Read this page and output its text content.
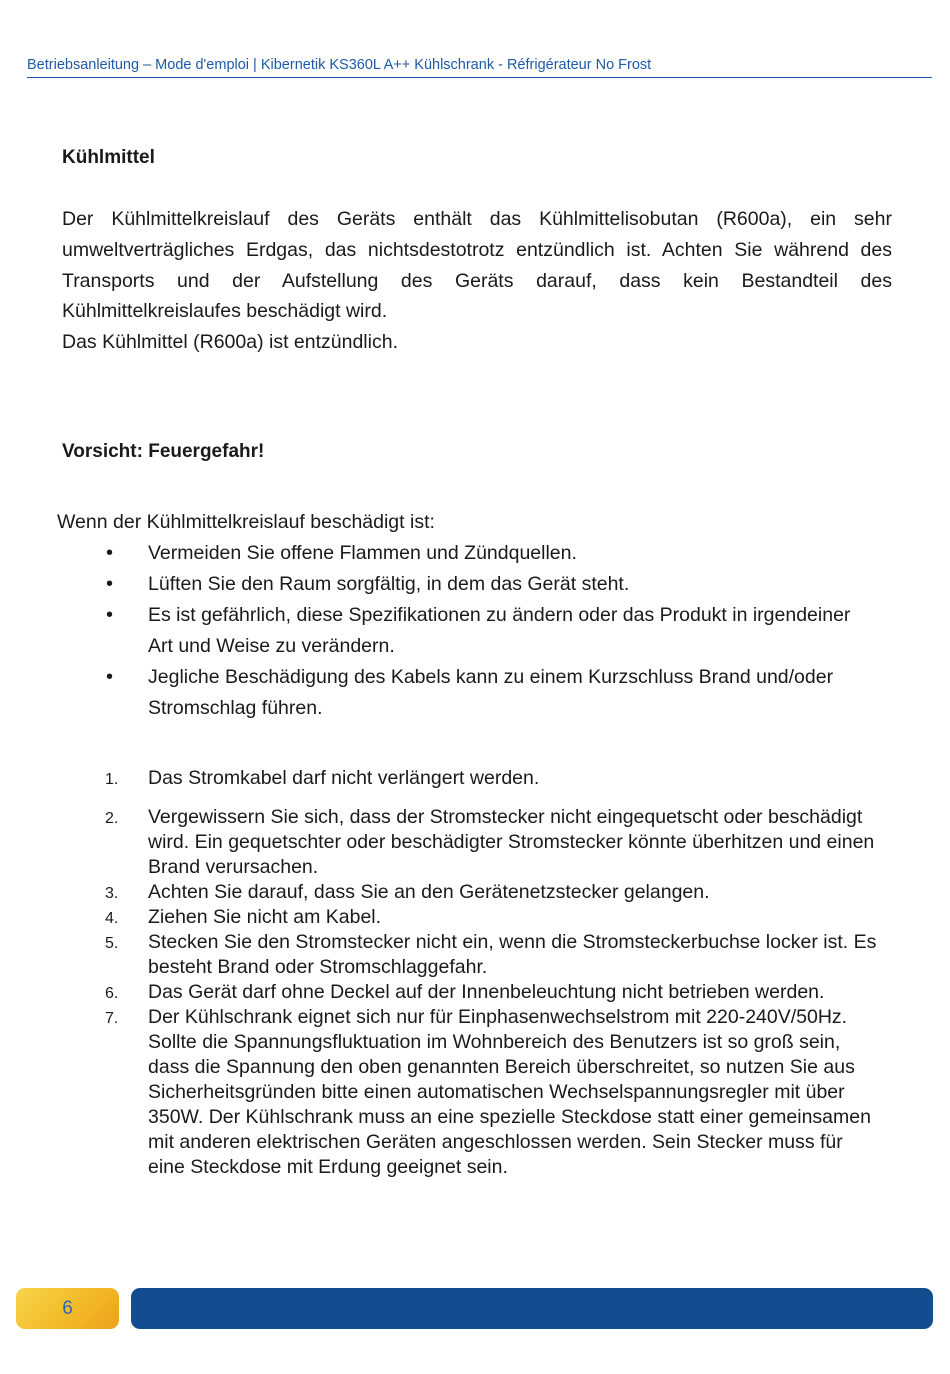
Betriebsanleitung – Mode d'emploi | Kibernetik KS360L A++ Kühlschrank - Réfrigérateur No Frost
Kühlmittel

Der Kühlmittelkreislauf des Geräts enthält das Kühlmittelisobutan (R600a), ein sehr umweltverträgliches Erdgas, das nichtsdestotrotz entzündlich ist. Achten Sie während des Transports und der Aufstellung des Geräts darauf, dass kein Bestandteil des Kühlmittelkreislaufes beschädigt wird.

Das Kühlmittel (R600a) ist entzündlich.

Vorsicht: Feuergefahr!
Wenn der Kühlmittelkreislauf beschädigt ist:
• Vermeiden Sie offene Flammen und Zündquellen.
• Lüften Sie den Raum sorgfältig, in dem das Gerät steht.
• Es ist gefährlich, diese Spezifikationen zu ändern oder das Produkt in irgendeiner Art und Weise zu verändern.
• Jegliche Beschädigung des Kabels kann zu einem Kurzschluss Brand und/oder Stromschlag führen.
1. Das Stromkabel darf nicht verlängert werden.
2. Vergewissern Sie sich, dass der Stromstecker nicht eingequetscht oder beschädigt wird. Ein gequetschter oder beschädigter Stromstecker könnte überhitzen und einen Brand verursachen.
3. Achten Sie darauf, dass Sie an den Gerätenetzstecker gelangen.
4. Ziehen Sie nicht am Kabel.
5. Stecken Sie den Stromstecker nicht ein, wenn die Stromsteckerbuchse locker ist. Es besteht Brand oder Stromschlaggefahr.
6. Das Gerät darf ohne Deckel auf der Innenbeleuchtung nicht betrieben werden.
7. Der Kühlschrank eignet sich nur für Einphasenwechselstrom mit 220-240V/50Hz. Sollte die Spannungsfluktuation im Wohnbereich des Benutzers ist so groß sein, dass die Spannung den oben genannten Bereich überschreitet, so nutzen Sie aus Sicherheitsgründen bitte einen automatischen Wechselspannungsregler mit über 350W. Der Kühlschrank muss an eine spezielle Steckdose statt einer gemeinsamen mit anderen elektrischen Geräten angeschlossen werden. Sein Stecker muss für eine Steckdose mit Erdung geeignet sein.
6
